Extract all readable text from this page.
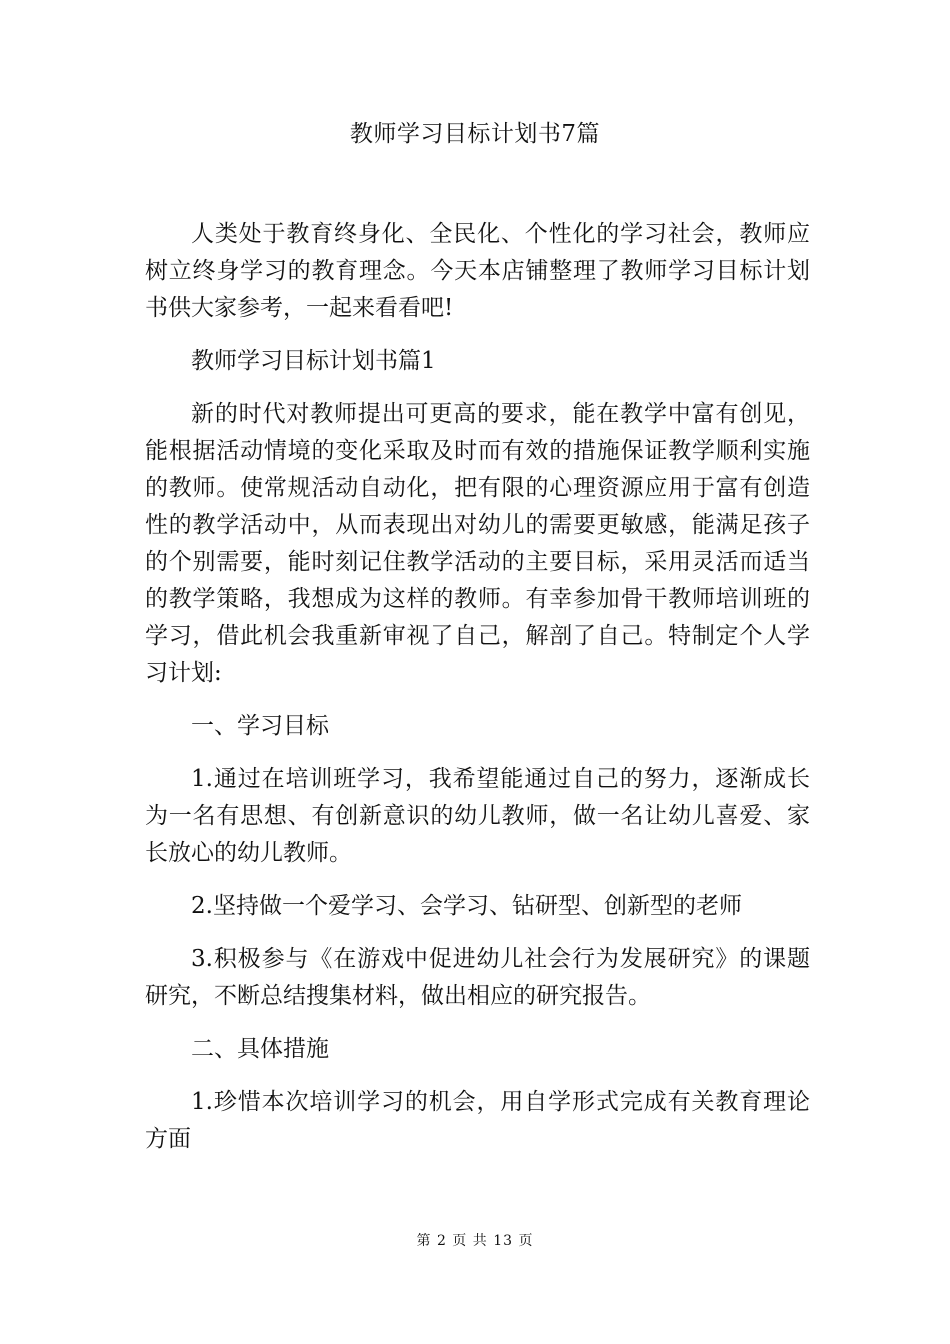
教师学习目标计划书7篇

人类处于教育终身化、全民化、个性化的学习社会，教师应树立终身学习的教育理念。今天本店铺整理了教师学习目标计划书供大家参考，一起来看看吧!

教师学习目标计划书篇1

新的时代对教师提出可更高的要求，能在教学中富有创见，能根据活动情境的变化采取及时而有效的措施保证教学顺利实施的教师。使常规活动自动化，把有限的心理资源应用于富有创造性的教学活动中，从而表现出对幼儿的需要更敏感，能满足孩子的个别需要，能时刻记住教学活动的主要目标，采用灵活而适当的教学策略，我想成为这样的教师。有幸参加骨干教师培训班的学习，借此机会我重新审视了自己，解剖了自己。特制定个人学习计划:

一、学习目标

1.通过在培训班学习，我希望能通过自己的努力，逐渐成长为一名有思想、有创新意识的幼儿教师，做一名让幼儿喜爱、家长放心的幼儿教师。

2.坚持做一个爱学习、会学习、钻研型、创新型的老师

3.积极参与《在游戏中促进幼儿社会行为发展研究》的课题研究，不断总结搜集材料，做出相应的研究报告。

二、具体措施

1.珍惜本次培训学习的机会，用自学形式完成有关教育理论方面

第 2 页 共 13 页
